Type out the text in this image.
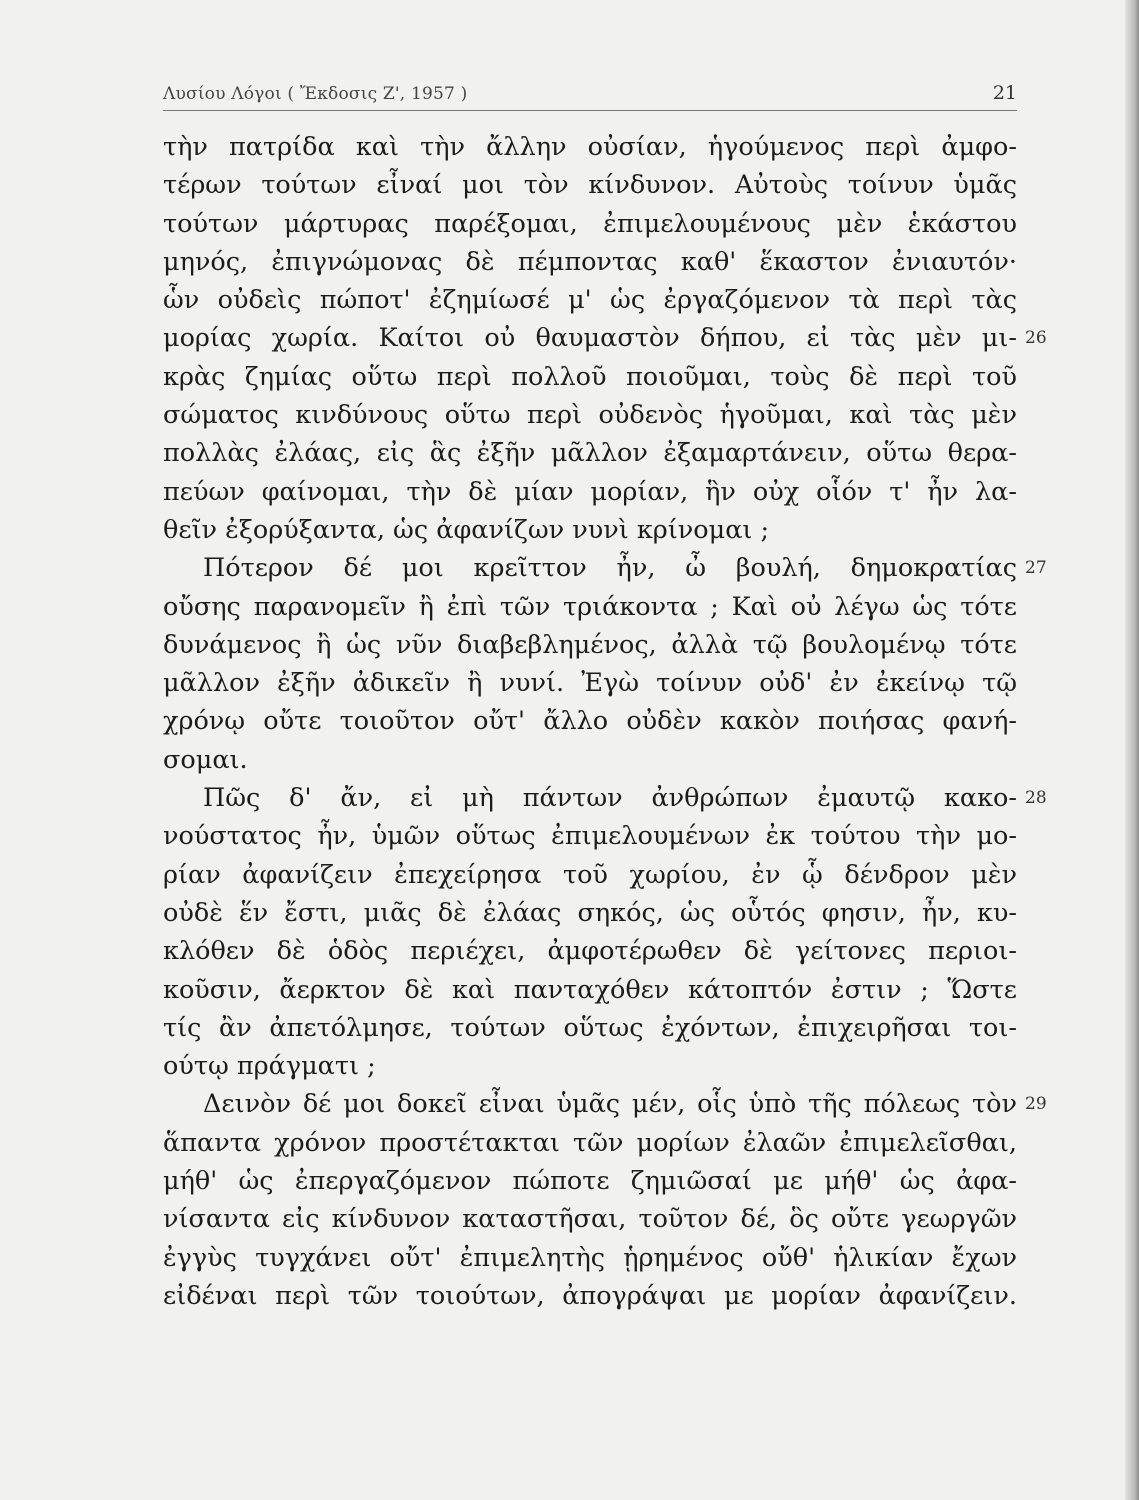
Λυσίου Λόγοι ( Ἔκδοσις Ζ', 1957 )	21
τὴν πατρίδα καὶ τὴν ἄλλην οὐσίαν, ἡγούμενος περὶ ἀμφο-
τέρων τούτων εἶναί μοι τὸν κίνδυνον. Αὐτοὺς τοίνυν ὑμᾶς
τούτων μάρτυρας παρέξομαι, ἐπιμελουμένους μὲν ἑκάστου
μηνός, ἐπιγνώμονας δὲ πέμποντας καθ' ἕκαστον ἐνιαυτόν·
ὧν οὐδεὶς πώποτ' ἐζημίωσέ μ' ὡς ἐργαζόμενον τὰ περὶ τὰς
μορίας χωρία. Καίτοι οὐ θαυμαστὸν δήπου, εἰ τὰς μὲν μι- 26
κρὰς ζημίας οὕτω περὶ πολλοῦ ποιοῦμαι, τοὺς δὲ περὶ τοῦ
σώματος κινδύνους οὕτω περὶ οὐδενὸς ἡγοῦμαι, καὶ τὰς μὲν
πολλὰς ἐλάας, εἰς ἃς ἐξῆν μᾶλλον ἐξαμαρτάνειν, οὕτω θερα-
πεύων φαίνομαι, τὴν δὲ μίαν μορίαν, ἣν οὐχ οἷόν τ' ἦν λα-
θεῖν ἐξορύξαντα, ὡς ἀφανίζων νυνὶ κρίνομαι ;
Πότερον δέ μοι κρεῖττον ἦν, ὦ βουλή, δημοκρατίας 27
οὔσης παρανομεῖν ἢ ἐπὶ τῶν τριάκοντα ; Καὶ οὐ λέγω ὡς τότε
δυνάμενος ἢ ὡς νῦν διαβεβλημένος, ἀλλὰ τῷ βουλομένῳ τότε
μᾶλλον ἐξῆν ἀδικεῖν ἢ νυνί. Ἐγὼ τοίνυν οὐδ' ἐν ἐκείνῳ τῷ
χρόνῳ οὔτε τοιοῦτον οὔτ' ἄλλο οὐδὲν κακὸν ποιήσας φανή-
σομαι.
Πῶς δ' ἄν, εἰ μὴ πάντων ἀνθρώπων ἐμαυτῷ κακο- 28
νούστατος ἦν, ὑμῶν οὕτως ἐπιμελουμένων ἐκ τούτου τὴν μο-
ρίαν ἀφανίζειν ἐπεχείρησα τοῦ χωρίου, ἐν ᾧ δένδρον μὲν
οὐδὲ ἕν ἔστι, μιᾶς δὲ ἐλάας σηκός, ὡς οὗτός φησιν, ἦν, κυ-
κλόθεν δὲ ὁδὸς περιέχει, ἀμφοτέρωθεν δὲ γείτονες περιοι-
κοῦσιν, ἄερκτον δὲ καὶ πανταχόθεν κάτοπτόν ἐστιν ; Ὥστε
τίς ἂν ἀπετόλμησε, τούτων οὕτως ἐχόντων, ἐπιχειρῆσαι τοι-
ούτῳ πράγματι ;
Δεινὸν δέ μοι δοκεῖ εἶναι ὑμᾶς μέν, οἷς ὑπὸ τῆς πόλεως τὸν 29
ἅπαντα χρόνον προστέτακται τῶν μορίων ἐλαῶν ἐπιμελεῖσθαι,
μήθ' ὡς ἐπεργαζόμενον πώποτε ζημιῶσαί με μήθ' ὡς ἀφα-
νίσαντα εἰς κίνδυνον καταστῆσαι, τοῦτον δέ, ὃς οὔτε γεωργῶν
ἐγγὺς τυγχάνει οὔτ' ἐπιμελητὴς ᾑρημένος οὔθ' ἡλικίαν ἔχων
εἰδέναι περὶ τῶν τοιούτων, ἀπογράψαι με μορίαν ἀφανίζειν.
